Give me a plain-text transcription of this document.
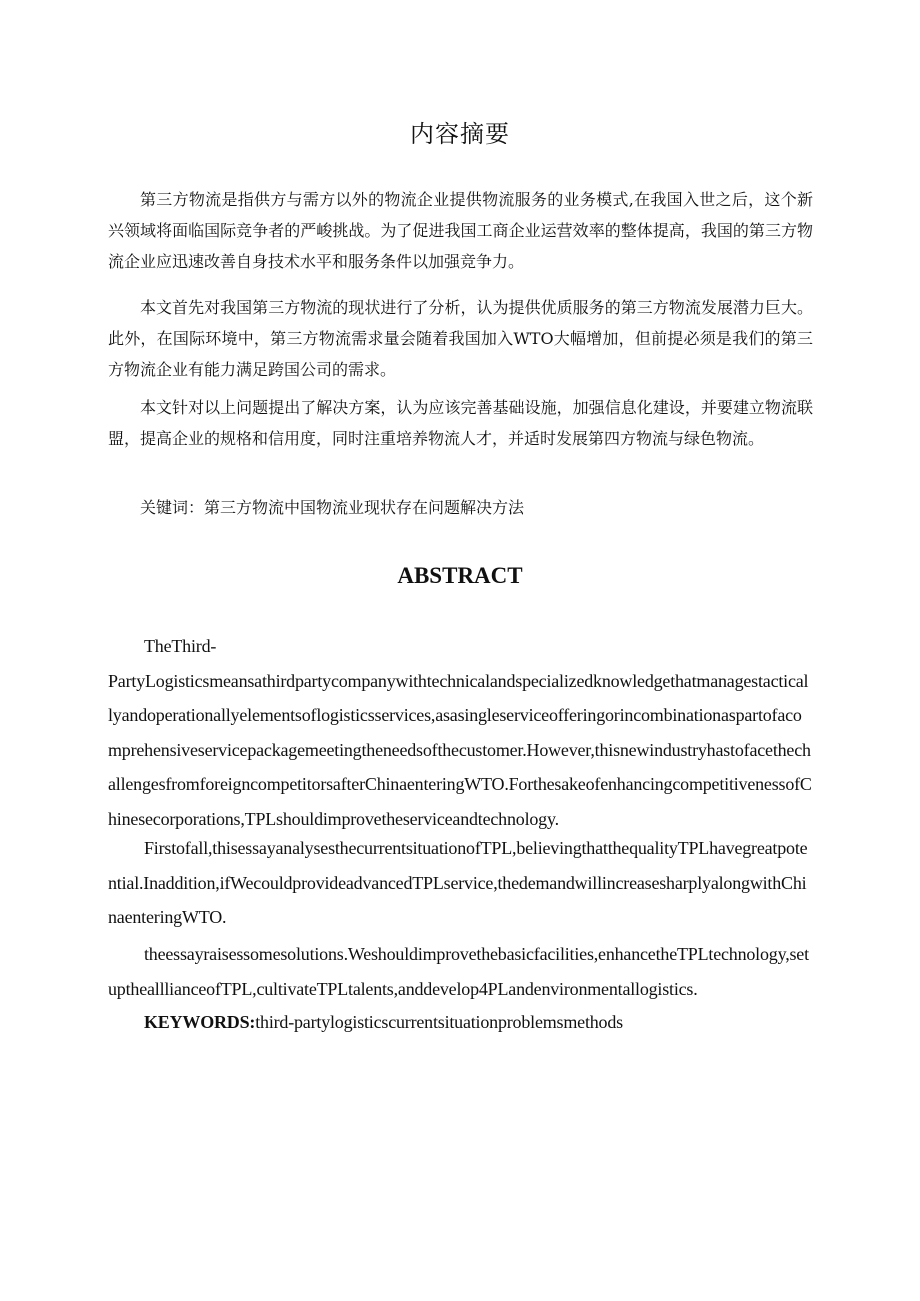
内容摘要

第三方物流是指供方与需方以外的物流企业提供物流服务的业务模式,在我国入世之后，这个新兴领域将面临国际竞争者的严峻挑战。为了促进我国工商企业运营效率的整体提高，我国的第三方物流企业应迅速改善自身技术水平和服务条件以加强竞争力。

本文首先对我国第三方物流的现状进行了分析，认为提供优质服务的第三方物流发展潜力巨大。此外，在国际环境中，第三方物流需求量会随着我国加入WTO大幅增加，但前提必须是我们的第三方物流企业有能力满足跨国公司的需求。

本文针对以上问题提出了解决方案，认为应该完善基础设施，加强信息化建设，并要建立物流联盟，提高企业的规格和信用度，同时注重培养物流人才，并适时发展第四方物流与绿色物流。

关键词：第三方物流中国物流业现状存在问题解决方法

ABSTRACT
TheThird-
PartyLogisticsmeansathirdpartycompanywithtechnicalandspecializedknowledgethatmanagestacticallyandoperationallyelementsoflogisticsservices,asasingleserviceofferingorincombinationaspartofacomprehensiveservicepackagemeetingtheneedsofthecustomer.However,thisnewindustryhastofacethechallengesfromforeigncompetitorsafterChinaenteringWTO.ForthesakeofenhancingcompetitivenessofChinesecorporations,TPLshouldimprovetheserviceandtechnology.

Firstofall,thisessayanalysesthecurrentsituationofTPL,believingthatthequalityTPLhavegreatpotential.Inaddition,ifWecouldprovideadvancedTPLservice,thedemandwillincreasesharplyalongwithChinaenteringWTO.

theessayraisessomesolutions.Weshouldimprovethebasicfacilities,enhancetheTPLtechnology,setupthealllianceofTPL,cultivateTPLtalents,anddevelop4PLandenvironmentallogistics.

KEYWORDS:third-partylogisticscurrentsituationproblemsmethods
